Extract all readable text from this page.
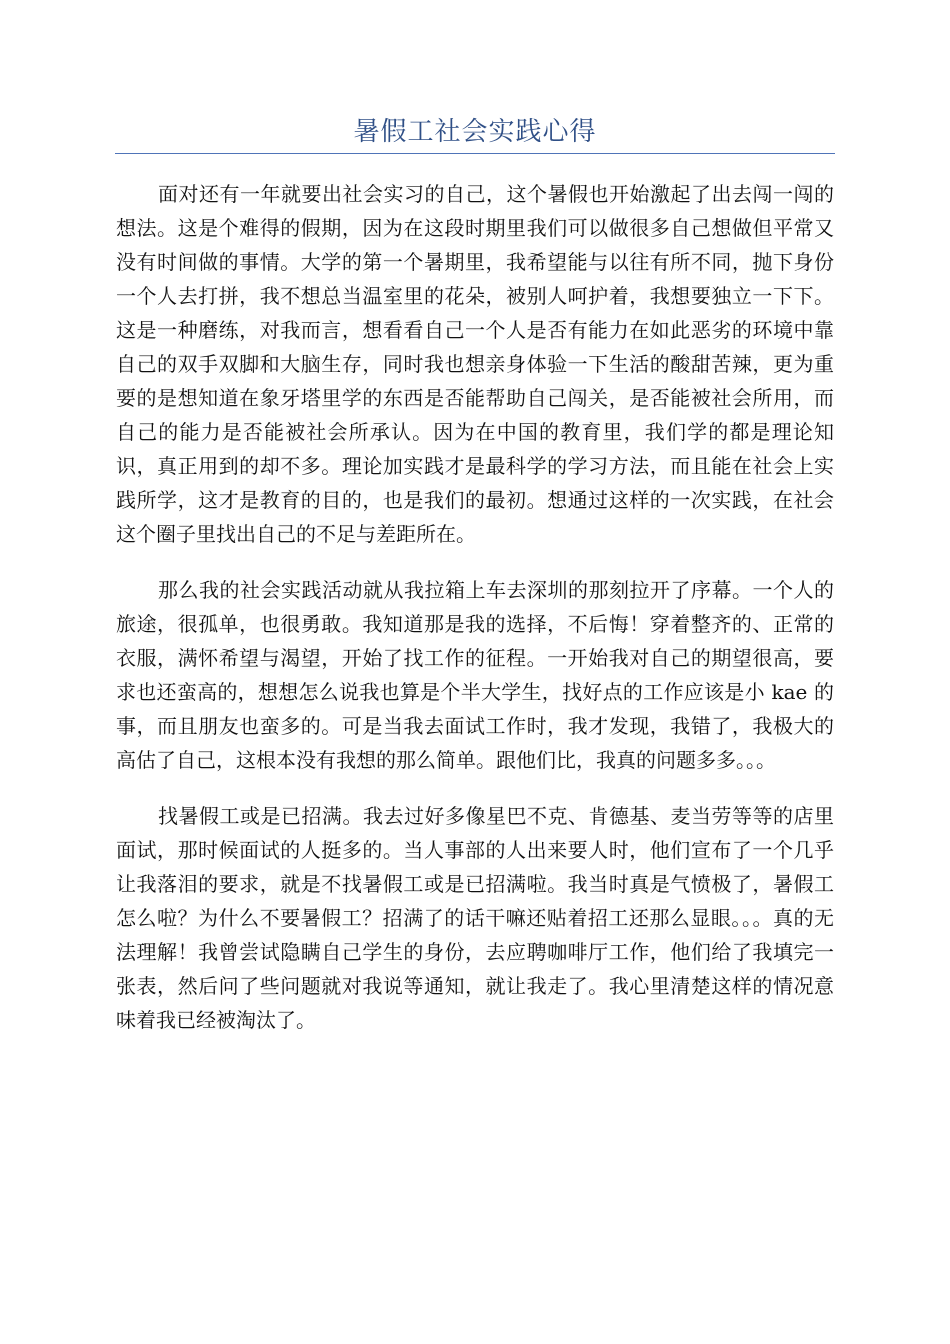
暑假工社会实践心得

面对还有一年就要出社会实习的自己，这个暑假也开始激起了出去闯一闯的想法。这是个难得的假期，因为在这段时期里我们可以做很多自己想做但平常又没有时间做的事情。大学的第一个暑期里，我希望能与以往有所不同，抛下身份一个人去打拼，我不想总当温室里的花朵，被别人呵护着，我想要独立一下下。这是一种磨练，对我而言，想看看自己一个人是否有能力在如此恶劣的环境中靠自己的双手双脚和大脑生存，同时我也想亲身体验一下生活的酸甜苦辣，更为重要的是想知道在象牙塔里学的东西是否能帮助自己闯关，是否能被社会所用，而自己的能力是否能被社会所承认。因为在中国的教育里，我们学的都是理论知识，真正用到的却不多。理论加实践才是最科学的学习方法，而且能在社会上实践所学，这才是教育的目的，也是我们的最初。想通过这样的一次实践，在社会这个圈子里找出自己的不足与差距所在。

那么我的社会实践活动就从我拉箱上车去深圳的那刻拉开了序幕。一个人的旅途，很孤单，也很勇敢。我知道那是我的选择，不后悔！穿着整齐的、正常的衣服，满怀希望与渴望，开始了找工作的征程。一开始我对自己的期望很高，要求也还蛮高的，想想怎么说我也算是个半大学生，找好点的工作应该是小 kae 的事，而且朋友也蛮多的。可是当我去面试工作时，我才发现，我错了，我极大的高估了自己，这根本没有我想的那么简单。跟他们比，我真的问题多多。。。

找暑假工或是已招满。我去过好多像星巴不克、肯德基、麦当劳等等的店里面试，那时候面试的人挺多的。当人事部的人出来要人时，他们宣布了一个几乎让我落泪的要求，就是不找暑假工或是已招满啦。我当时真是气愤极了，暑假工怎么啦？为什么不要暑假工？招满了的话干嘛还贴着招工还那么显眼。。。真的无法理解！我曾尝试隐瞒自己学生的身份，去应聘咖啡厅工作，他们给了我填完一张表，然后问了些问题就对我说等通知，就让我走了。我心里清楚这样的情况意味着我已经被淘汰了。
